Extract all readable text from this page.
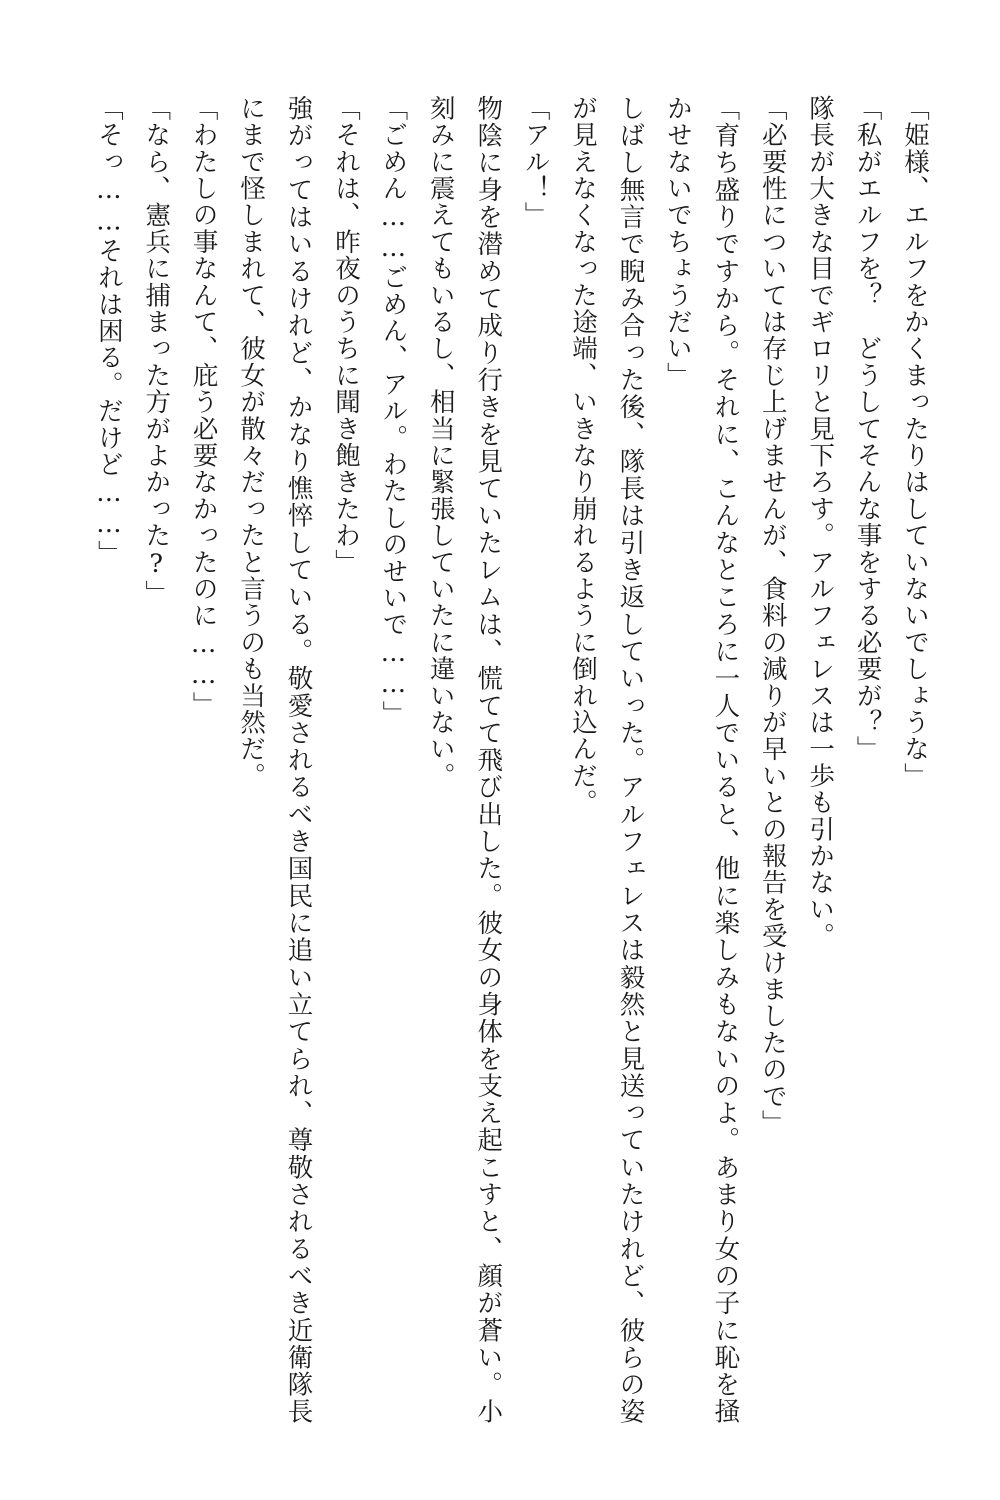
「姫様、エルフをかくまったりはしていないでしょうな」

「私がエルフを？　どうしてそんな事をする必要が？」

隊長が大きな目でギロリと見下ろす。アルフェレスは一歩も引かない。

「必要性については存じ上げませんが、食料の減りが早いとの報告を受けましたので」

「育ち盛りですから。それに、こんなところに一人でいると、他に楽しみもないのよ。あまり女の子に恥を掻かせないでちょうだい」

しばし無言で睨み合った後、隊長は引き返していった。アルフェレスは毅然と見送っていたけれど、彼らの姿が見えなくなった途端、いきなり崩れるように倒れ込んだ。

「アル！」

物陰に身を潜めて成り行きを見ていたレムは、慌てて飛び出した。彼女の身体を支え起こすと、顔が蒼い。小刻みに震えてもいるし、相当に緊張していたに違いない。

「ごめん……ごめん、アル。わたしのせいで……」

「それは、昨夜のうちに聞き飽きたわ」

強がってはいるけれど、かなり憔悴している。敬愛されるべき国民に追い立てられ、尊敬されるべき近衛隊長にまで怪しまれて、彼女が散々だったと言うのも当然だ。

「わたしの事なんて、庇う必要なかったのに……」

「なら、憲兵に捕まった方がよかった?」

「そっ……それは困る。だけど……」
